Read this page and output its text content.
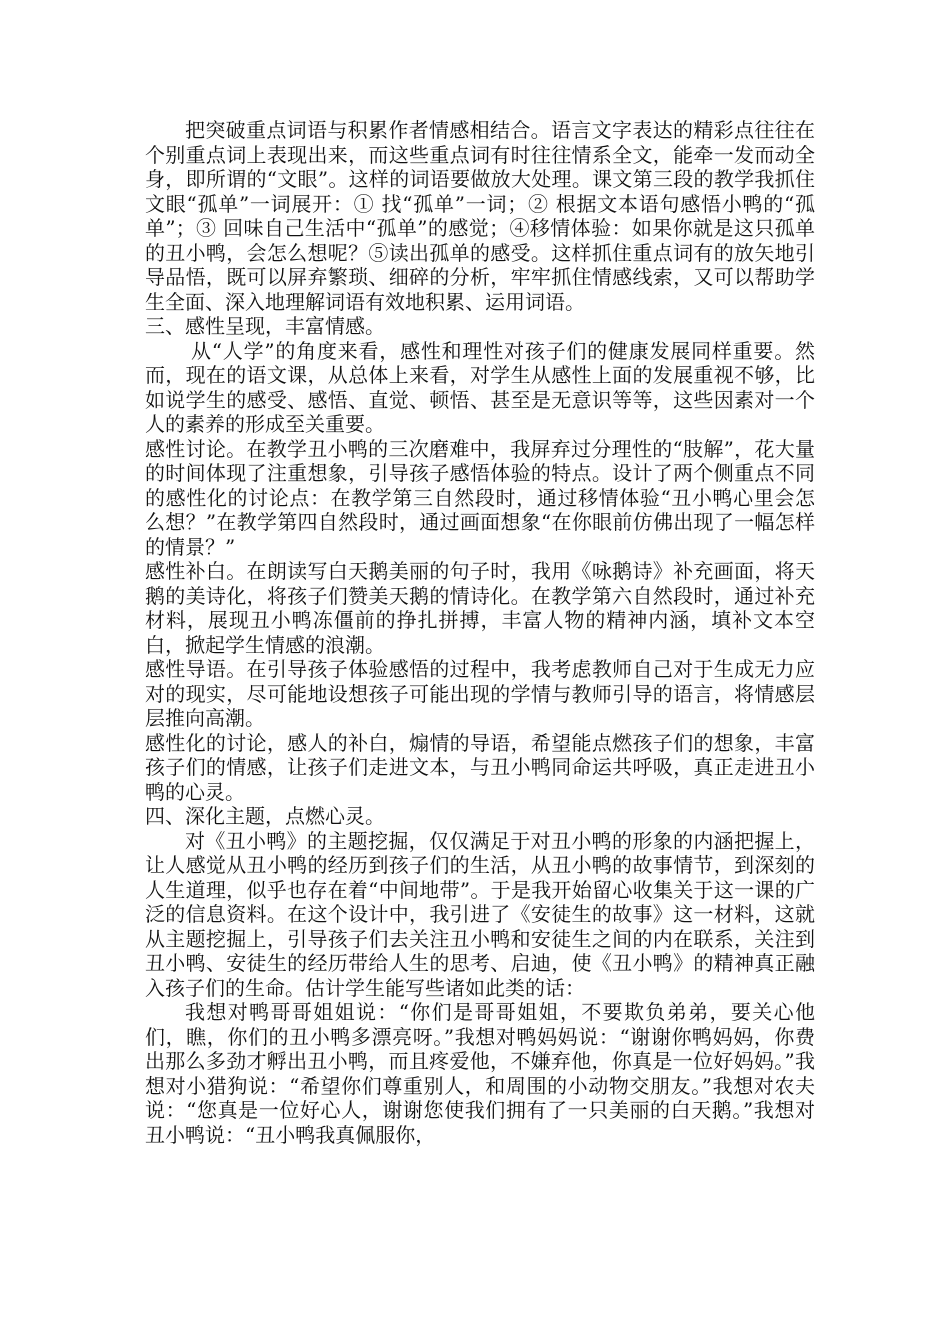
把突破重点词语与积累作者情感相结合。语言文字表达的精彩点往往在个别重点词上表现出来，而这些重点词有时往往情系全文，能牵一发而动全身，即所谓的“文眼”。这样的词语要做放大处理。课文第三段的教学我抓住文眼“孤单”一词展开：① 找“孤单”一词；② 根据文本语句感悟小鸭的“孤单”；③ 回味自己生活中“孤单”的感觉；④移情体验：如果你就是这只孤单的丑小鸭，会怎么想呢？⑤读出孤单的感受。这样抓住重点词有的放矢地引导品悟，既可以屏弃繁琐、细碎的分析，牢牢抓住情感线索，又可以帮助学生全面、深入地理解词语有效地积累、运用词语。

三、感性呈现，丰富情感。

从“人学”的角度来看，感性和理性对孩子们的健康发展同样重要。然而，现在的语文课，从总体上来看，对学生从感性上面的发展重视不够，比如说学生的感受、感悟、直觉、顿悟、甚至是无意识等等，这些因素对一个人的素养的形成至关重要。

感性讨论。在教学丑小鸭的三次磨难中，我屏弃过分理性的“肢解”，花大量的时间体现了注重想象，引导孩子感悟体验的特点。设计了两个侧重点不同的感性化的讨论点：在教学第三自然段时，通过移情体验“丑小鸭心里会怎么想？”在教学第四自然段时，通过画面想象“在你眼前仿佛出现了一幅怎样的情景？”

感性补白。在朗读写白天鹅美丽的句子时，我用《咏鹅诗》补充画面，将天鹅的美诗化，将孩子们赞美天鹅的情诗化。在教学第六自然段时，通过补充材料，展现丑小鸭冻僵前的挣扎拼搏，丰富人物的精神内涵，填补文本空白，掀起学生情感的浪潮。

感性导语。在引导孩子体验感悟的过程中，我考虑教师自己对于生成无力应对的现实，尽可能地设想孩子可能出现的学情与教师引导的语言，将情感层层推向高潮。

感性化的讨论，感人的补白，煽情的导语，希望能点燃孩子们的想象，丰富孩子们的情感，让孩子们走进文本，与丑小鸭同命运共呼吸，真正走进丑小鸭的心灵。

四、深化主题，点燃心灵。

对《丑小鸭》的主题挖掘，仅仅满足于对丑小鸭的形象的内涵把握上，让人感觉从丑小鸭的经历到孩子们的生活，从丑小鸭的故事情节，到深刻的人生道理，似乎也存在着“中间地带”。于是我开始留心收集关于这一课的广泛的信息资料。在这个设计中，我引进了《安徒生的故事》这一材料，这就从主题挖掘上，引导孩子们去关注丑小鸭和安徒生之间的内在联系，关注到丑小鸭、安徒生的经历带给人生的思考、启迪，使《丑小鸭》的精神真正融入孩子们的生命。估计学生能写些诸如此类的话：

我想对鸭哥哥姐姐说：“你们是哥哥姐姐，不要欺负弟弟，要关心他们，瞧，你们的丑小鸭多漂亮呀。”我想对鸭妈妈说：“谢谢你鸭妈妈，你费出那么多劲才孵出丑小鸭，而且疼爱他，不嫌弃他，你真是一位好妈妈。”我想对小猎狗说：“希望你们尊重别人，和周围的小动物交朋友。”我想对农夫说：“您真是一位好心人，谢谢您使我们拥有了一只美丽的白天鹅。”我想对丑小鸭说：“丑小鸭我真佩服你，
